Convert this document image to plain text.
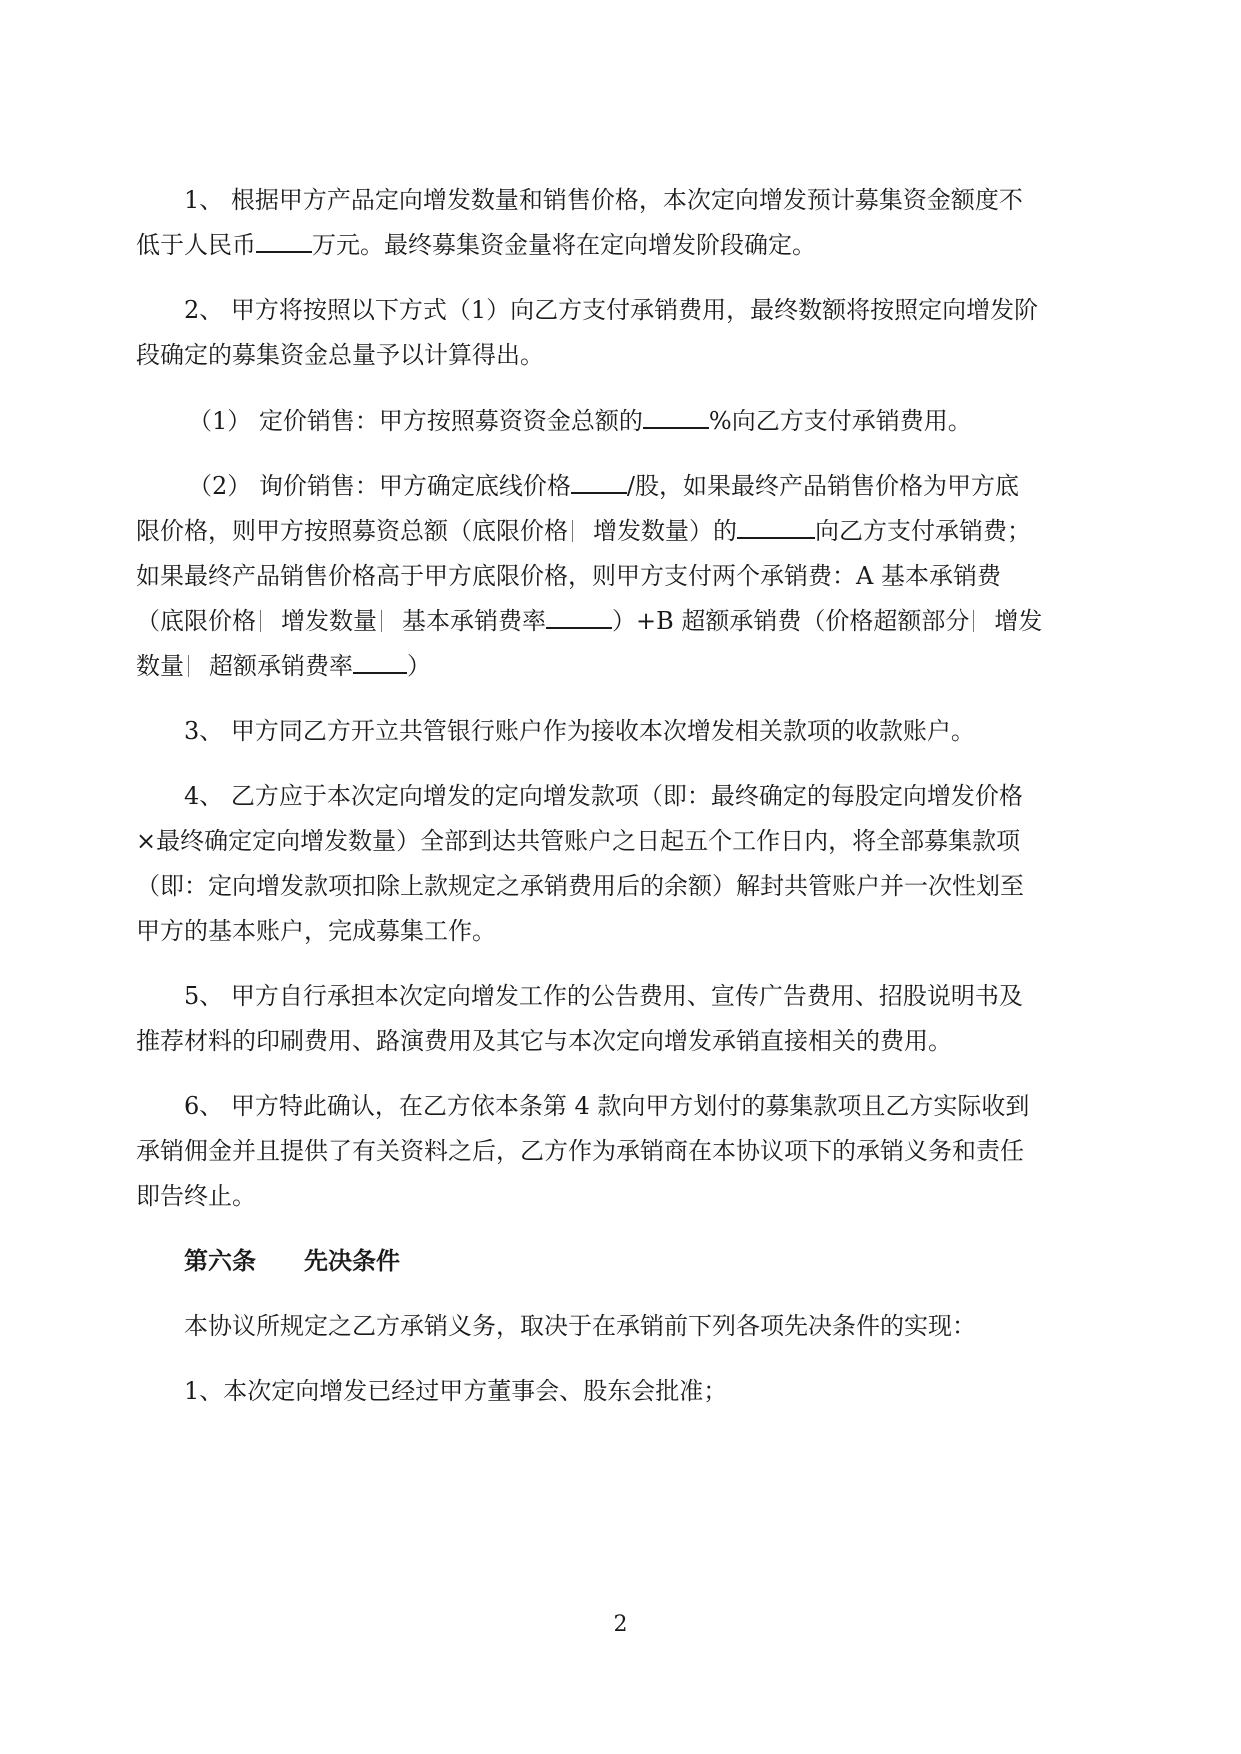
1、 根据甲方产品定向增发数量和销售价格，本次定向增发预计募集资金额度不
低于人民币 万元。最终募集资金量将在定向增发阶段确定。
2、 甲方将按照以下方式（1）向乙方支付承销费用，最终数额将按照定向增发阶
段确定的募集资金总量予以计算得出。
（1） 定价销售：甲方按照募资资金总额的	%向乙方支付承销费用。
（2） 询价销售：甲方确定底线价格 /股，如果最终产品销售价格为甲方底
限价格，则甲方按照募资总额（底限价格 增发数量）的	向乙方支付承销费；
如果最终产品销售价格高于甲方底限价格，则甲方支付两个承销费：A 基本承销费
（底限价格 增发数量 基本承销费率	）+B 超额承销费（价格超额部分 增发
数量 超额承销费率 ）
3、 甲方同乙方开立共管银行账户作为接收本次增发相关款项的收款账户。
4、 乙方应于本次定向增发的定向增发款项（即：最终确定的每股定向增发价格
×最终确定定向增发数量）全部到达共管账户之日起五个工作日内，将全部募集款项
（即：定向增发款项扣除上款规定之承销费用后的余额）解封共管账户并一次性划至
甲方的基本账户，完成募集工作。
5、 甲方自行承担本次定向增发工作的公告费用、宣传广告费用、招股说明书及
推荐材料的印刷费用、路演费用及其它与本次定向增发承销直接相关的费用。
6、 甲方特此确认，在乙方依本条第 4 款向甲方划付的募集款项且乙方实际收到
承销佣金并且提供了有关资料之后，乙方作为承销商在本协议项下的承销义务和责任
即告终止。
第六条 先决条件
本协议所规定之乙方承销义务，取决于在承销前下列各项先决条件的实现：
1、本次定向增发已经过甲方董事会、股东会批准；
2
